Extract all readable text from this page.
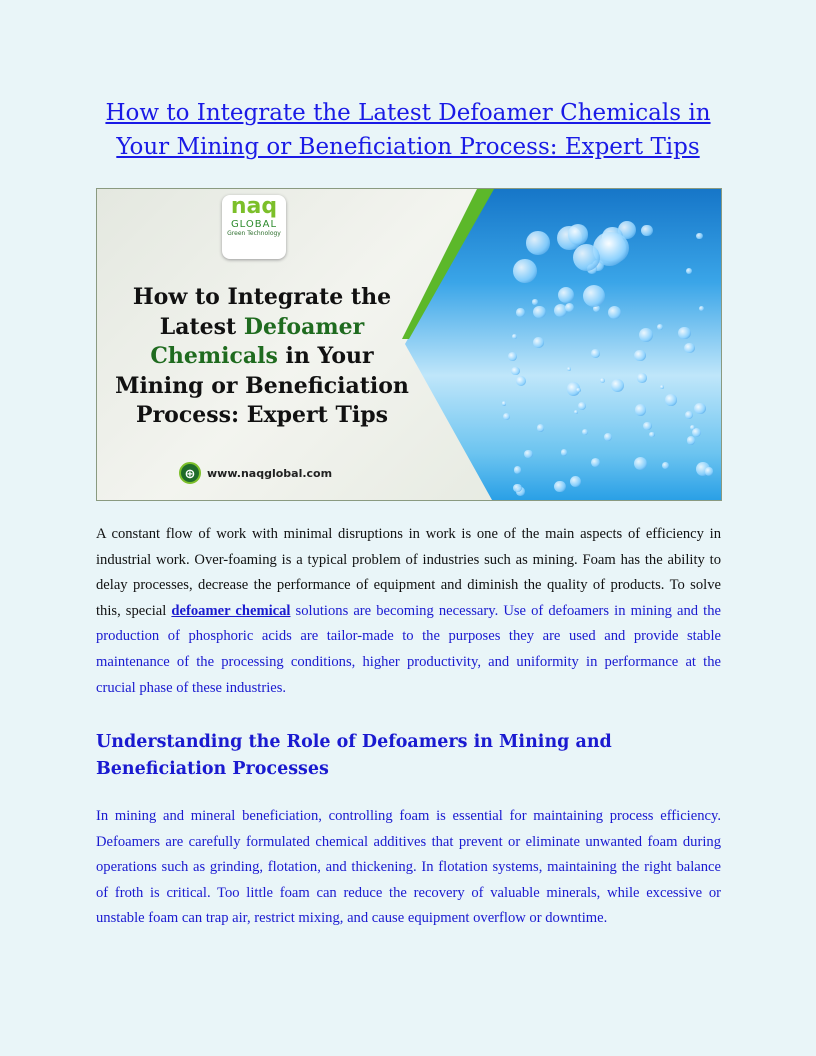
How to Integrate the Latest Defoamer Chemicals in Your Mining or Beneficiation Process: Expert Tips
naq
GLOBAL
Green Technology
How to Integrate the Latest Defoamer Chemicals in Your Mining or Beneficiation Process: Expert Tips
⊕	www.naqglobal.com
A constant flow of work with minimal disruptions in work is one of the main aspects of efficiency in industrial work. Over-foaming is a typical problem of industries such as mining. Foam has the ability to delay processes, decrease the performance of equipment and diminish the quality of products. To solve this, special defoamer chemical solutions are becoming necessary. Use of defoamers in mining and the production of phosphoric acids are tailor-made to the purposes they are used and provide stable maintenance of the processing conditions, higher productivity, and uniformity in performance at the crucial phase of these industries.
Understanding the Role of Defoamers in Mining and Beneficiation Processes
In mining and mineral beneficiation, controlling foam is essential for maintaining process efficiency. Defoamers are carefully formulated chemical additives that prevent or eliminate unwanted foam during operations such as grinding, flotation, and thickening. In flotation systems, maintaining the right balance of froth is critical. Too little foam can reduce the recovery of valuable minerals, while excessive or unstable foam can trap air, restrict mixing, and cause equipment overflow or downtime.
